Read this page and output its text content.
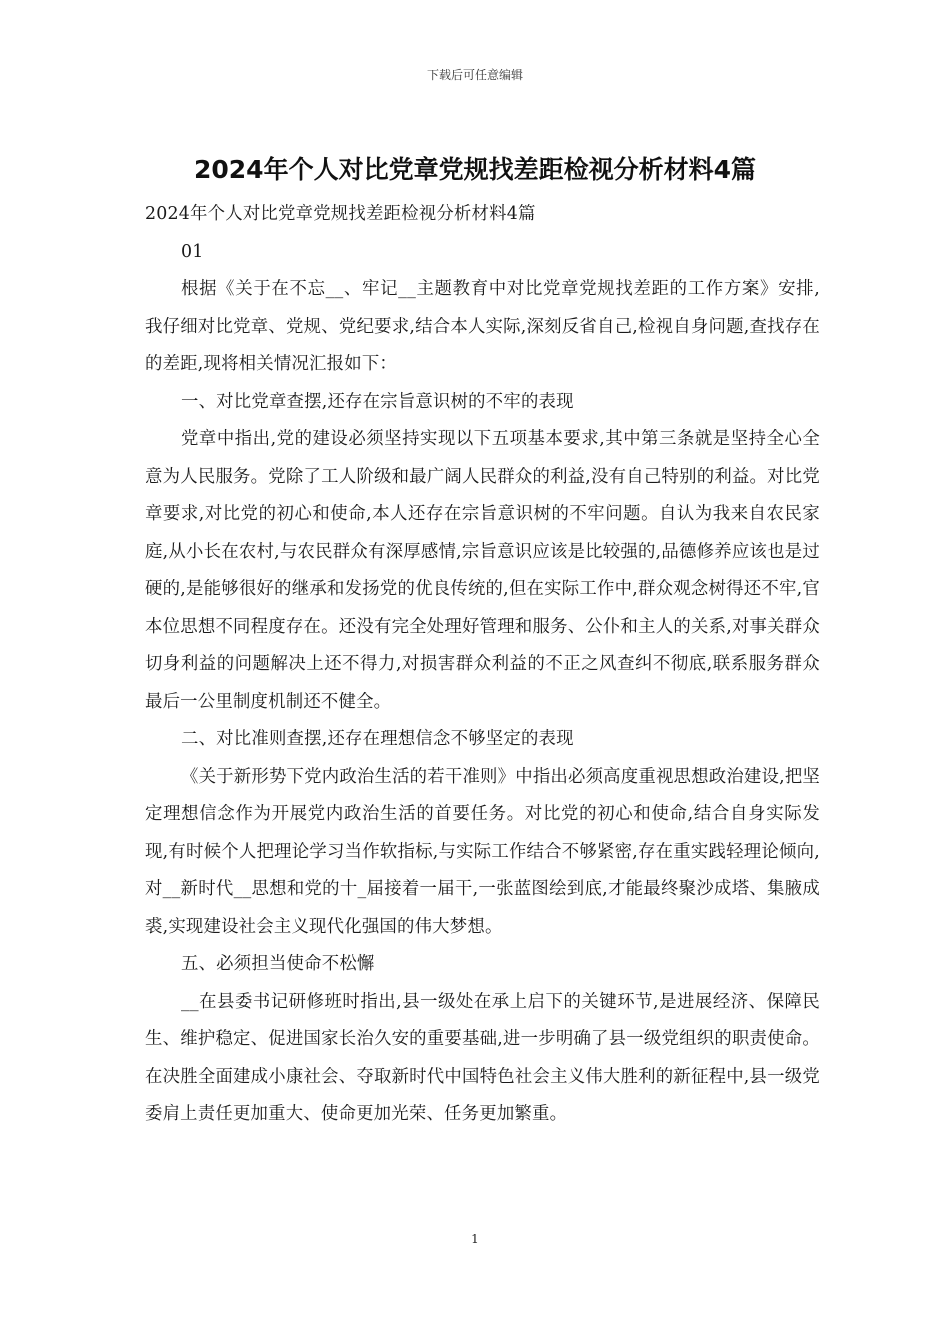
下载后可任意编辑
2024年个人对比党章党规找差距检视分析材料4篇

2024年个人对比党章党规找差距检视分析材料4篇

01

根据《关于在不忘__、牢记__主题教育中对比党章党规找差距的工作方案》安排,我仔细对比党章、党规、党纪要求,结合本人实际,深刻反省自己,检视自身问题,查找存在的差距,现将相关情况汇报如下：

一、对比党章查摆,还存在宗旨意识树的不牢的表现

党章中指出,党的建设必须坚持实现以下五项基本要求,其中第三条就是坚持全心全意为人民服务。党除了工人阶级和最广阔人民群众的利益,没有自己特别的利益。对比党章要求,对比党的初心和使命,本人还存在宗旨意识树的不牢问题。自认为我来自农民家庭,从小长在农村,与农民群众有深厚感情,宗旨意识应该是比较强的,品德修养应该也是过硬的,是能够很好的继承和发扬党的优良传统的,但在实际工作中,群众观念树得还不牢,官本位思想不同程度存在。还没有完全处理好管理和服务、公仆和主人的关系,对事关群众切身利益的问题解决上还不得力,对损害群众利益的不正之风查纠不彻底,联系服务群众最后一公里制度机制还不健全。

二、对比准则查摆,还存在理想信念不够坚定的表现

《关于新形势下党内政治生活的若干准则》中指出必须高度重视思想政治建设,把坚定理想信念作为开展党内政治生活的首要任务。对比党的初心和使命,结合自身实际发现,有时候个人把理论学习当作软指标,与实际工作结合不够紧密,存在重实践轻理论倾向,对__新时代__思想和党的十_届接着一届干,一张蓝图绘到底,才能最终聚沙成塔、集腋成裘,实现建设社会主义现代化强国的伟大梦想。

五、必须担当使命不松懈

__在县委书记研修班时指出,县一级处在承上启下的关键环节,是进展经济、保障民生、维护稳定、促进国家长治久安的重要基础,进一步明确了县一级党组织的职责使命。在决胜全面建成小康社会、夺取新时代中国特色社会主义伟大胜利的新征程中,县一级党委肩上责任更加重大、使命更加光荣、任务更加繁重。

1
